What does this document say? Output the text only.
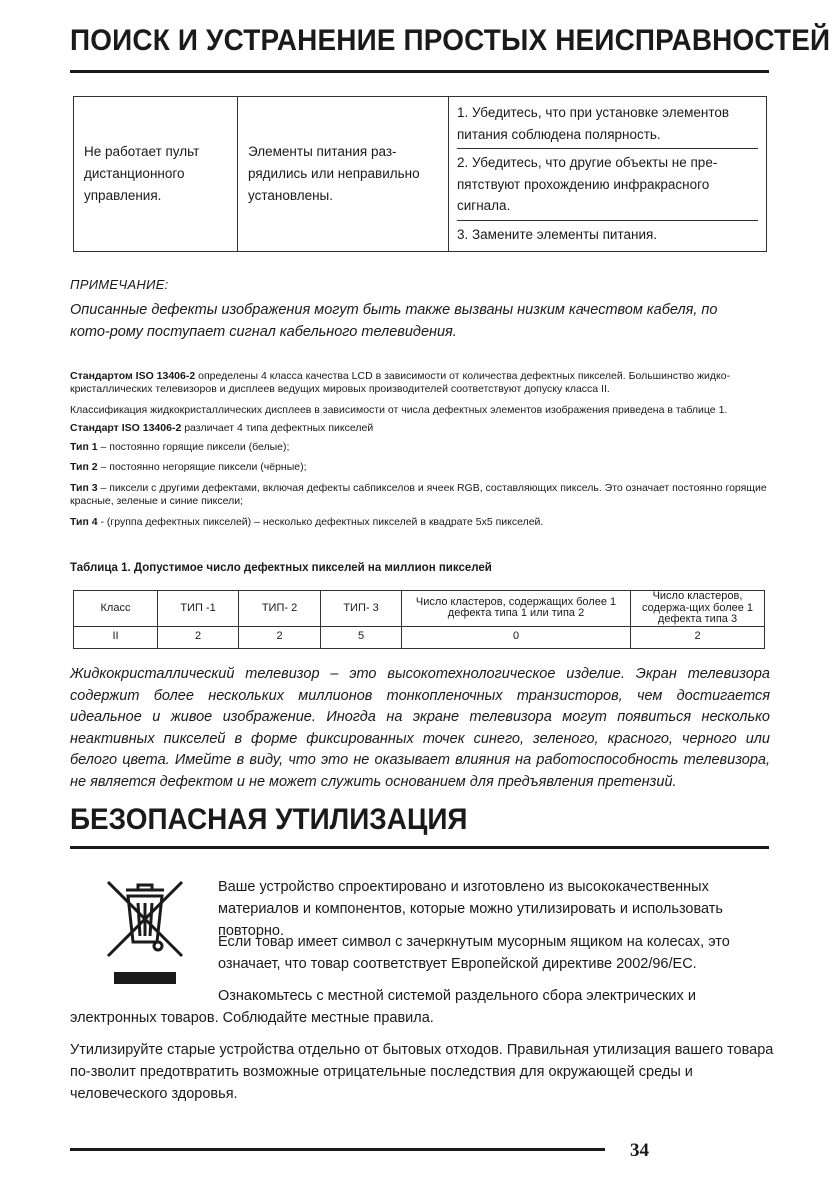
ПОИСК И УСТРАНЕНИЕ ПРОСТЫХ НЕИСПРАВНОСТЕЙ
Не работает пульт дистанционного управления.	Элементы питания раз-рядились или неправильно установлены.	
1. Убедитесь, что при установке элементов питания соблюдена полярность.
2. Убедитесь, что другие объекты не пре-пятствуют прохождению инфракрасного сигнала.
3. Замените элементы питания.
ПРИМЕЧАНИЕ:
Описанные дефекты изображения могут быть также вызваны низким качеством кабеля, по кото-рому поступает сигнал кабельного телевидения.
Стандартом ISO 13406-2 определены 4 класса качества LCD в зависимости от количества дефектных пикселей. Большинство жидко-кристаллических телевизоров и дисплеев ведущих мировых производителей соответствуют допуску класса II.
Классификация жидкокристаллических дисплеев в зависимости от числа дефектных элементов изображения приведена в таблице 1.
Стандарт ISO 13406-2 различает 4 типа дефектных пикселей
Тип 1 – постоянно горящие пиксели (белые);
Тип 2 – постоянно негорящие пиксели (чёрные);
Тип 3 – пиксели с другими дефектами, включая дефекты сабпикселов и ячеек RGB, составляющих пиксель. Это означает постоянно горящие красные, зеленые и синие пиксели;
Тип 4 - (группа дефектных пикселей) – несколько дефектных пикселей в квадрате 5x5 пикселей.
Таблица 1. Допустимое число дефектных пикселей на миллион пикселей
Класс	ТИП -1	ТИП- 2	ТИП- 3	Число кластеров, содержащих более 1 дефекта типа 1 или типа 2	Число кластеров, содержа-щих более 1 дефекта типа 3
II	2	2	5	0	2
Жидкокристаллический телевизор – это высокотехнологическое изделие. Экран телевизора содержит более нескольких миллионов тонкопленочных транзисторов, чем достигается идеальное и живое изображение. Иногда на экране телевизора могут появиться несколько неактивных пикселей в форме фиксированных точек синего, зеленого, красного, черного или белого цвета. Имейте в виду, что это не оказывает влияния на работоспособность телевизора, не является дефектом и не может служить основанием для предъявления претензий.
БЕЗОПАСНАЯ УТИЛИЗАЦИЯ
Ваше устройство спроектировано и изготовлено из высококачественных материалов и компонентов, которые можно утилизировать и использовать повторно.
Если товар имеет символ с зачеркнутым мусорным ящиком на колесах, это означает, что товар соответствует Европейской директиве 2002/96/EC.
Ознакомьтесь с местной системой раздельного сбора электрических и электронных товаров. Соблюдайте местные правила.
Утилизируйте старые устройства отдельно от бытовых отходов. Правильная утилизация вашего товара по-зволит предотвратить возможные отрицательные последствия для окружающей среды и человеческого здоровья.
34
